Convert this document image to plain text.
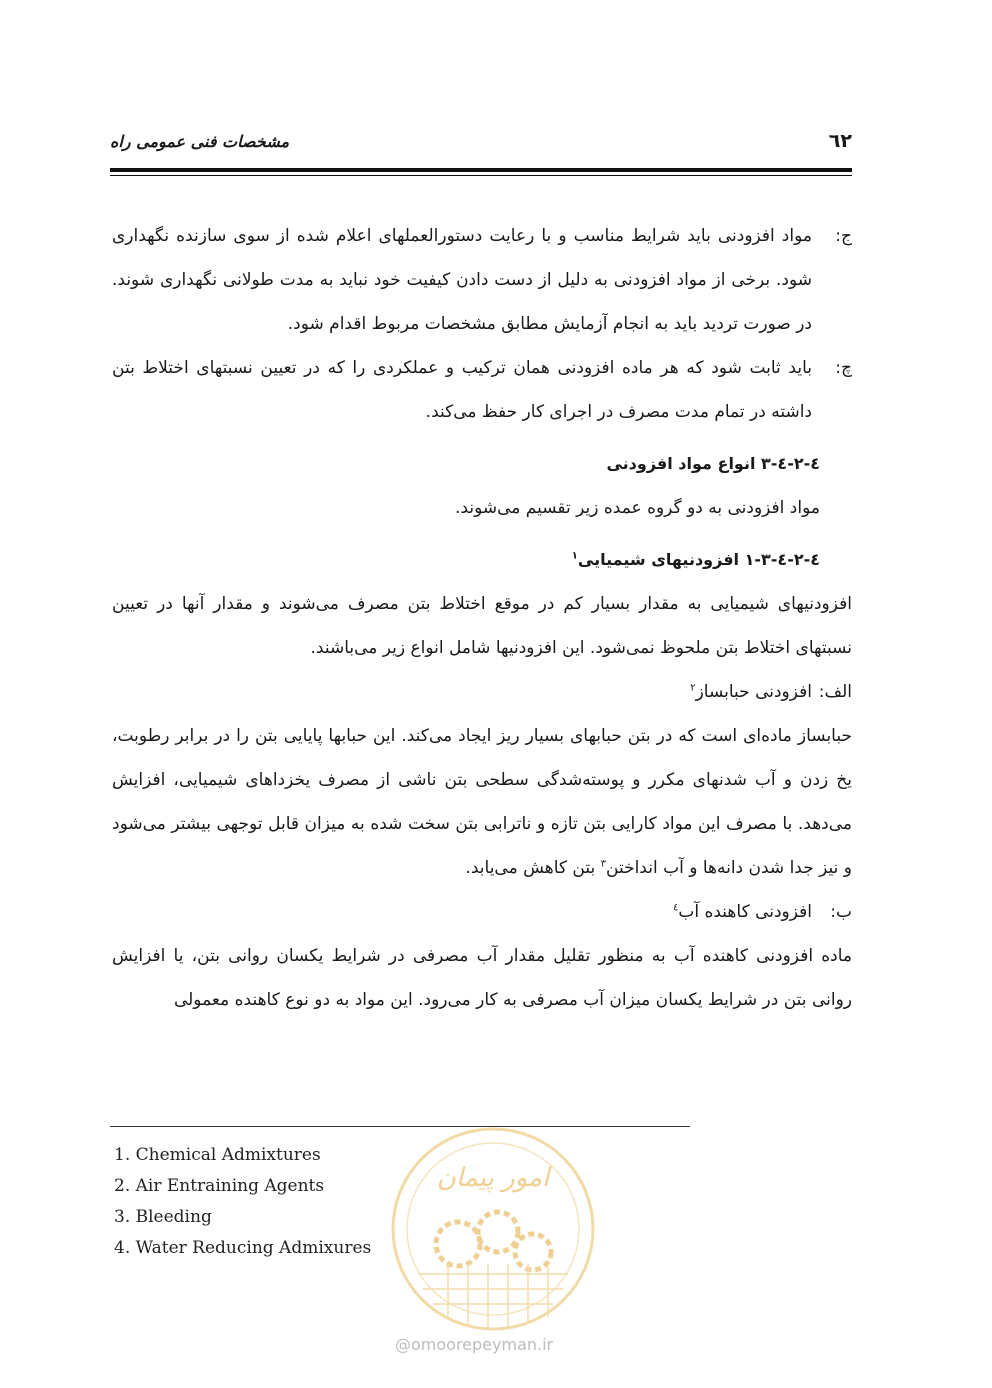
٦٢
مشخصات فنی عمومی راه
ج:
مواد افزودنی باید شرایط مناسب و با رعایت دستورالعملهای اعلام شده از سوی سازنده نگهداری شود. برخی از مواد افزودنی به دلیل از دست دادن کیفیت خود نباید به مدت طولانی نگهداری شوند. در صورت تردید باید به انجام آزمایش مطابق مشخصات مربوط اقدام شود.
چ:
باید ثابت شود که هر ماده افزودنی همان ترکیب و عملکردی را که در تعیین نسبتهای اختلاط بتن داشته در تمام مدت مصرف در اجرای کار حفظ می‌کند.
٤-٢-٤-٣ انواع مواد افزودنی
مواد افزودنی به دو گروه عمده زیر تقسیم می‌شوند.
٤-٢-٤-٣-١ افزودنیهای شیمیایی$^١$
افزودنیهای شیمیایی به مقدار بسیار کم در موقع اختلاط بتن مصرف می‌شوند و مقدار آنها در تعیین نسبتهای اختلاط بتن ملحوظ نمی‌شود. این افزودنیها شامل انواع زیر می‌باشند.
الف:
افزودنی حبابساز$^٢$
حبابساز ماده‌ای است که در بتن حبابهای بسیار ریز ایجاد می‌کند. این حبابها پایایی بتن را در برابر رطوبت، یخ زدن و آب شدنهای مکرر و پوسته‌شدگی سطحی بتن ناشی از مصرف یخزداهای شیمیایی، افزایش می‌دهد. با مصرف این مواد کارایی بتن تازه و ناترابی بتن سخت شده به میزان قابل توجهی بیشتر می‌شود و نیز جدا شدن دانه‌ها و آب انداختن$^٣$ بتن کاهش می‌یابد.
ب:
افزودنی کاهنده آب$^٤$
ماده افزودنی کاهنده آب به منظور تقلیل مقدار آب مصرفی در شرایط یکسان روانی بتن، یا افزایش روانی بتن در شرایط یکسان میزان آب مصرفی به کار می‌رود. این مواد به دو نوع کاهنده معمولی
1. Chemical Admixtures
2. Air Entraining Agents
3. Bleeding
4. Water Reducing Admixures
امور پیمان
@omoorepeyman.ir
